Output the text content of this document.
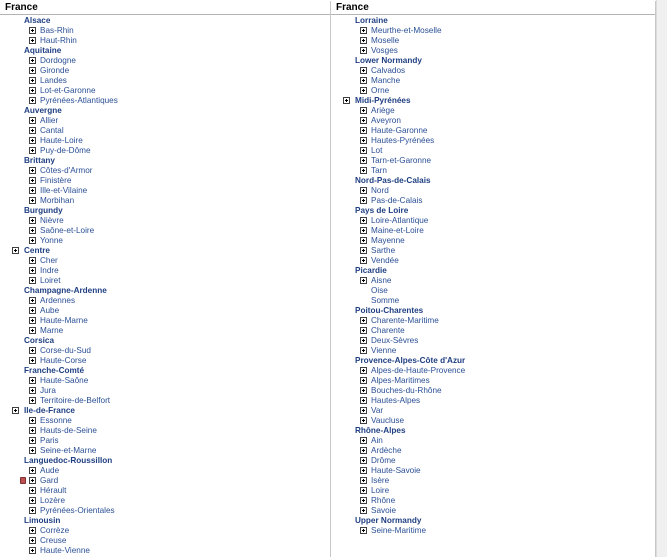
France
Alsace
Bas-Rhin
Haut-Rhin
Aquitaine
Dordogne
Gironde
Landes
Lot-et-Garonne
Pyrénées-Atlantiques
Auvergne
Allier
Cantal
Haute-Loire
Puy-de-Dôme
Brittany
Côtes-d'Armor
Finistère
Ille-et-Vilaine
Morbihan
Burgundy
Nièvre
Saône-et-Loire
Yonne
Centre
Cher
Indre
Loiret
Champagne-Ardenne
Ardennes
Aube
Haute-Marne
Marne
Corsica
Corse-du-Sud
Haute-Corse
Franche-Comté
Haute-Saône
Jura
Territoire-de-Belfort
Ile-de-France
Essonne
Hauts-de-Seine
Paris
Seine-et-Marne
Languedoc-Roussillon
Aude
Gard
Hérault
Lozère
Pyrénées-Orientales
Limousin
Corrèze
Creuse
Haute-Vienne
France
Lorraine
Meurthe-et-Moselle
Moselle
Vosges
Lower Normandy
Calvados
Manche
Orne
Midi-Pyrénées
Ariège
Aveyron
Haute-Garonne
Hautes-Pyrénées
Lot
Tarn-et-Garonne
Tarn
Nord-Pas-de-Calais
Nord
Pas-de-Calais
Pays de Loire
Loire-Atlantique
Maine-et-Loire
Mayenne
Sarthe
Vendée
Picardie
Aisne
Oise
Somme
Poitou-Charentes
Charente-Maritime
Charente
Deux-Sèvres
Vienne
Provence-Alpes-Côte d'Azur
Alpes-de-Haute-Provence
Alpes-Maritimes
Bouches-du-Rhône
Hautes-Alpes
Var
Vaucluse
Rhône-Alpes
Ain
Ardèche
Drôme
Haute-Savoie
Isère
Loire
Rhône
Savoie
Upper Normandy
Seine-Maritime
